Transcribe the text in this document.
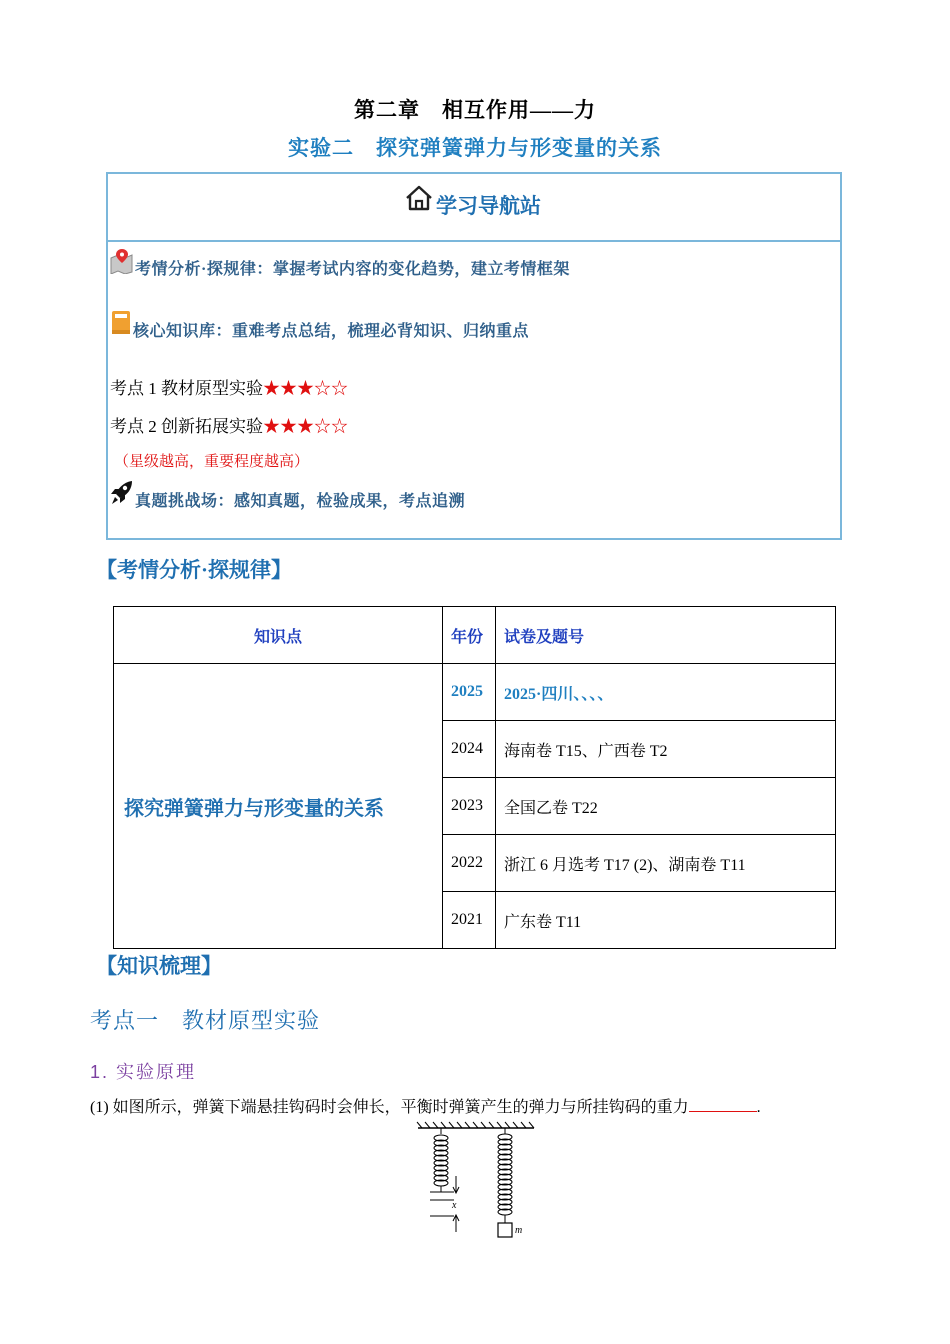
第二章　相互作用——力
实验二　探究弹簧弹力与形变量的关系
学习导航站
考情分析·探规律：掌握考试内容的变化趋势，建立考情框架
核心知识库：重难考点总结，梳理必背知识、归纳重点
考点 1 教材原型实验★★★☆☆
考点 2 创新拓展实验★★★☆☆
（星级越高，重要程度越高）
真题挑战场：感知真题，检验成果，考点追溯
【考情分析·探规律】
知识点	年份	试卷及题号
探究弹簧弹力与形变量的关系	2025	2025·四川、、、、
	2024	海南卷 T15、广西卷 T2
	2023	全国乙卷 T22
	2022	浙江 6 月选考 T17 (2)、湖南卷 T11
	2021	广东卷 T11
【知识梳理】
考点一　教材原型实验
1. 实验原理
(1) 如图所示，弹簧下端悬挂钩码时会伸长，平衡时弹簧产生的弹力与所挂钩码的重力	.
x
m
